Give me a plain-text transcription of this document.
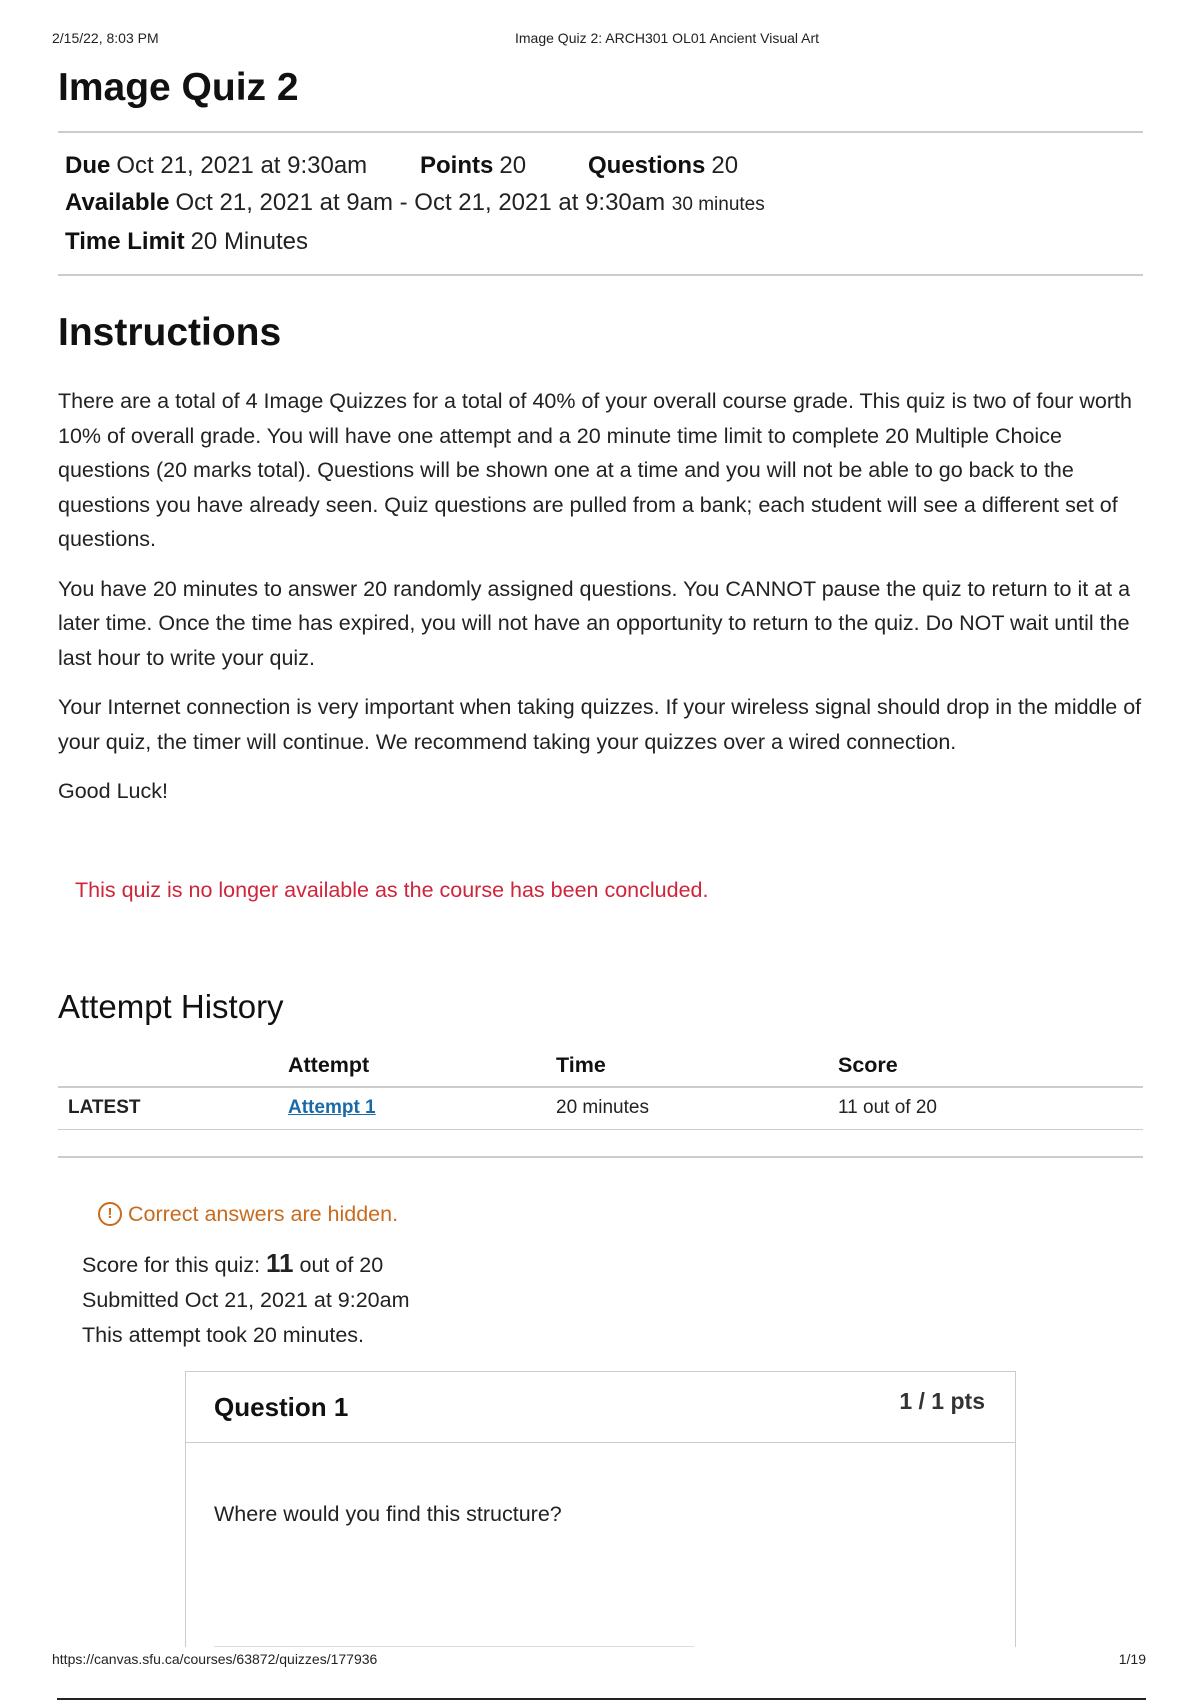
2/15/22, 8:03 PM	Image Quiz 2: ARCH301 OL01 Ancient Visual Art
Image Quiz 2
Due Oct 21, 2021 at 9:30am Points 20	Questions 20
Available Oct 21, 2021 at 9am - Oct 21, 2021 at 9:30am 30 minutes
Time Limit 20 Minutes
Instructions

There are a total of 4 Image Quizzes for a total of 40% of your overall course grade. This quiz is two of four worth 10% of overall grade. You will have one attempt and a 20 minute time limit to complete 20 Multiple Choice questions (20 marks total). Questions will be shown one at a time and you will not be able to go back to the questions you have already seen. Quiz questions are pulled from a bank; each student will see a different set of questions.

You have 20 minutes to answer 20 randomly assigned questions. You CANNOT pause the quiz to return to it at a later time. Once the time has expired, you will not have an opportunity to return to the quiz. Do NOT wait until the last hour to write your quiz.

Your Internet connection is very important when taking quizzes. If your wireless signal should drop in the middle of your quiz, the timer will continue. We recommend taking your quizzes over a wired connection.

Good Luck!

This quiz is no longer available as the course has been concluded.
Attempt History
	Attempt	Time	Score
LATEST	Attempt 1	20 minutes	11 out of 20
! Correct answers are hidden.
Score for this quiz: 11 out of 20
Submitted Oct 21, 2021 at 9:20am
This attempt took 20 minutes.
Question 1	1 / 1 pts
Where would you find this structure?
https://canvas.sfu.ca/courses/63872/quizzes/177936	1/19
